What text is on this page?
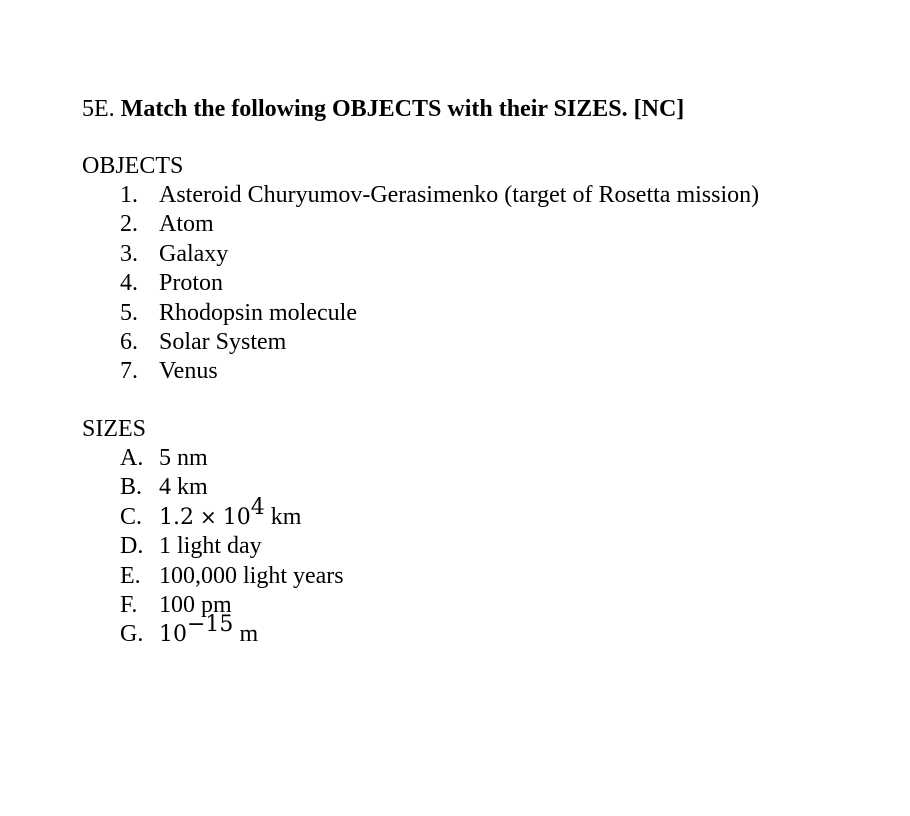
5E. Match the following OBJECTS with their SIZES. [NC]
OBJECTS
1. Asteroid Churyumov-Gerasimenko (target of Rosetta mission)
2. Atom
3. Galaxy
4. Proton
5. Rhodopsin molecule
6. Solar System
7. Venus
SIZES
A. 5 nm
B. 4 km
C. $1.2 \times 10^4$ km
D. 1 light day
E. 100,000 light years
F. 100 pm
G. $10^{-15}$ m
